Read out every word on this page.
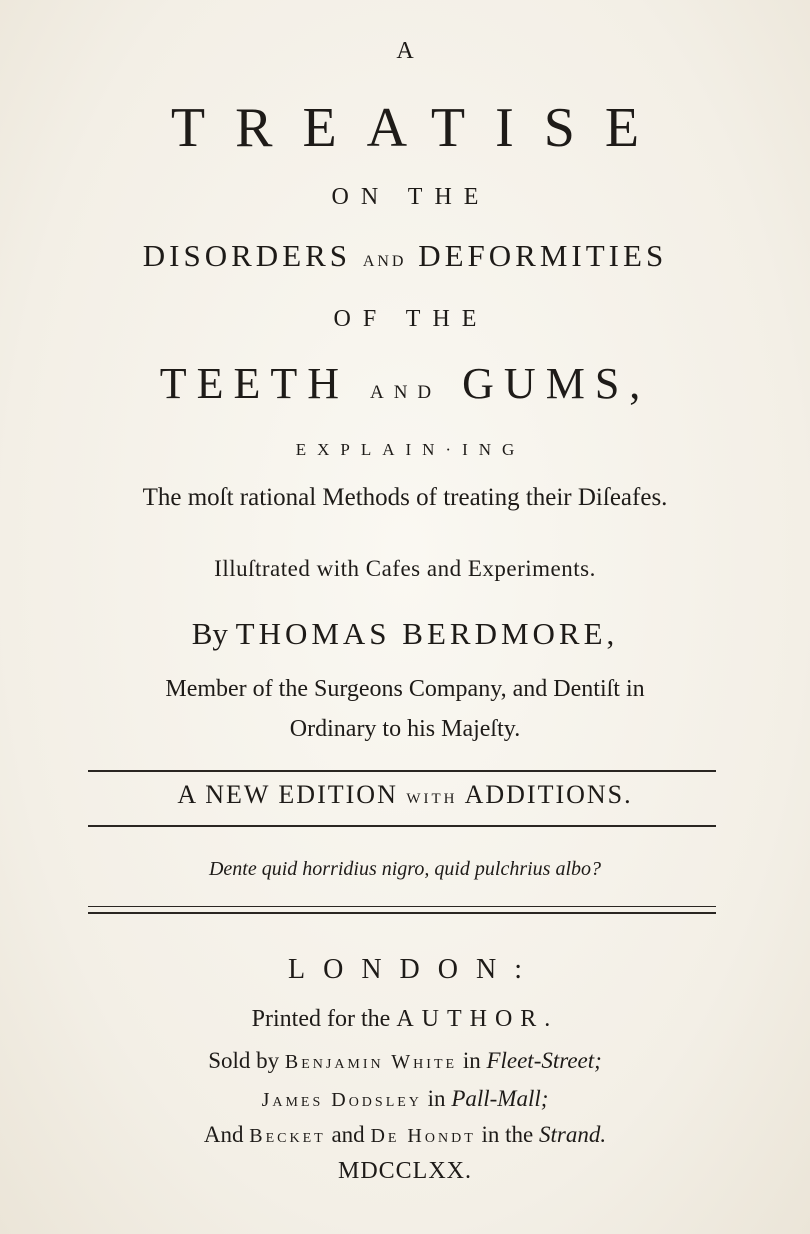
A
TREATISE
ON THE
DISORDERS AND DEFORMITIES
OF THE
TEETH AND GUMS,
EXPLAIN·ING
The moſt rational Methods of treating their Diſeafes.
Illuſtrated with Cafes and Experiments.
By THOMAS BERDMORE,
Member of the Surgeons Company, and Dentiſt in
Ordinary to his Majeſty.
A NEW EDITION WITH ADDITIONS.
Dente quid horridius nigro, quid pulchrius albo?
LONDON:
Printed for the AUTHOR.
Sold by Benjamin White in Fleet-Street;
James Dodsley in Pall-Mall;
And Becket and De Hondt in the Strand.
MDCCLXX.
